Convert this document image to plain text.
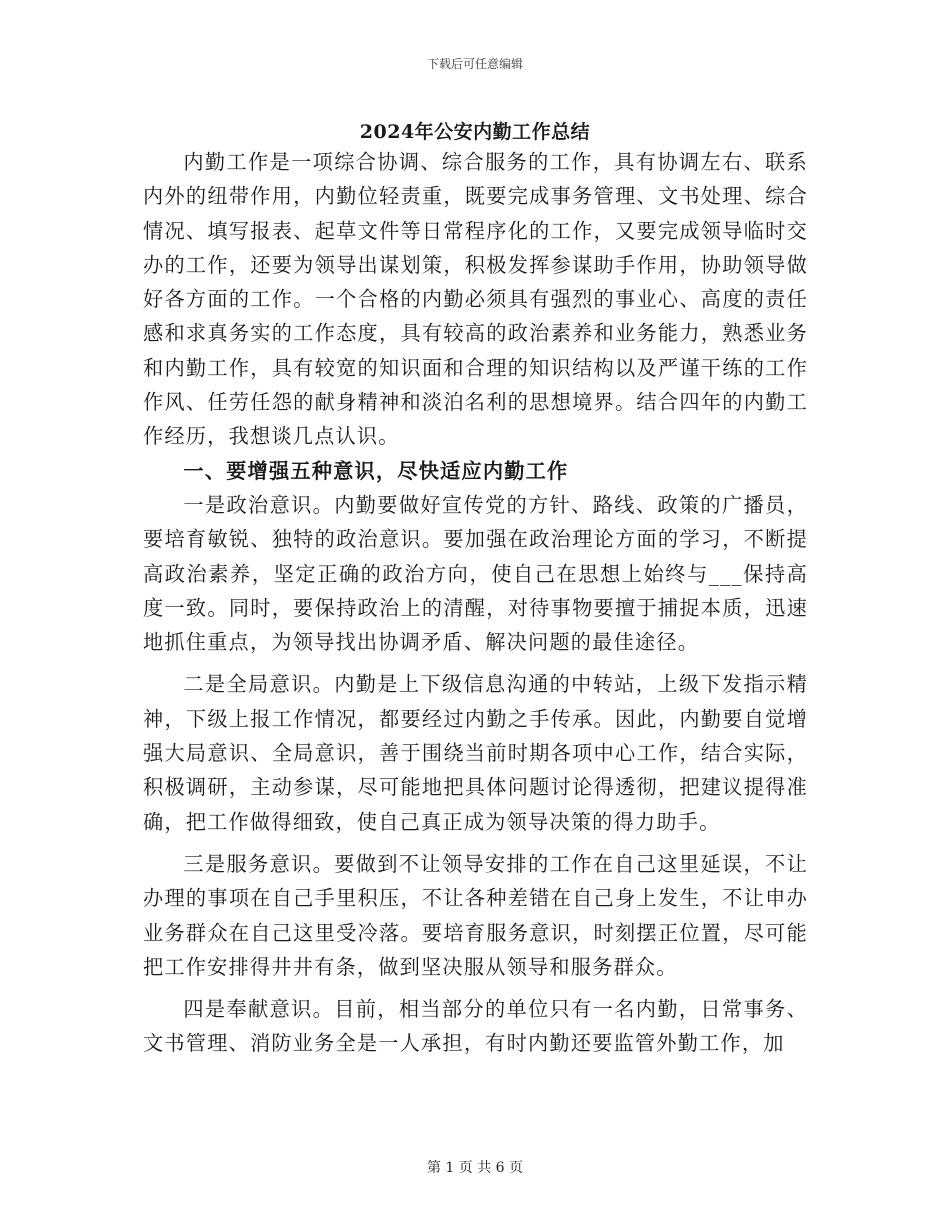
下载后可任意编辑
2024年公安内勤工作总结

内勤工作是一项综合协调、综合服务的工作，具有协调左右、联系内外的纽带作用，内勤位轻责重，既要完成事务管理、文书处理、综合情况、填写报表、起草文件等日常程序化的工作，又要完成领导临时交办的工作，还要为领导出谋划策，积极发挥参谋助手作用，协助领导做好各方面的工作。一个合格的内勤必须具有强烈的事业心、高度的责任感和求真务实的工作态度，具有较高的政治素养和业务能力，熟悉业务和内勤工作，具有较宽的知识面和合理的知识结构以及严谨干练的工作作风、任劳任怨的献身精神和淡泊名利的思想境界。结合四年的内勤工作经历，我想谈几点认识。

一、要增强五种意识，尽快适应内勤工作

一是政治意识。内勤要做好宣传党的方针、路线、政策的广播员，要培育敏锐、独特的政治意识。要加强在政治理论方面的学习，不断提高政治素养，坚定正确的政治方向，使自己在思想上始终与___保持高度一致。同时，要保持政治上的清醒，对待事物要擅于捕捉本质，迅速地抓住重点，为领导找出协调矛盾、解决问题的最佳途径。

二是全局意识。内勤是上下级信息沟通的中转站，上级下发指示精神，下级上报工作情况，都要经过内勤之手传承。因此，内勤要自觉增强大局意识、全局意识，善于围绕当前时期各项中心工作，结合实际，积极调研，主动参谋，尽可能地把具体问题讨论得透彻，把建议提得准确，把工作做得细致，使自己真正成为领导决策的得力助手。

三是服务意识。要做到不让领导安排的工作在自己这里延误，不让办理的事项在自己手里积压，不让各种差错在自己身上发生，不让申办业务群众在自己这里受冷落。要培育服务意识，时刻摆正位置，尽可能把工作安排得井井有条，做到坚决服从领导和服务群众。

四是奉献意识。目前，相当部分的单位只有一名内勤，日常事务、文书管理、消防业务全是一人承担，有时内勤还要监管外勤工作，加

第 1 页 共 6 页
